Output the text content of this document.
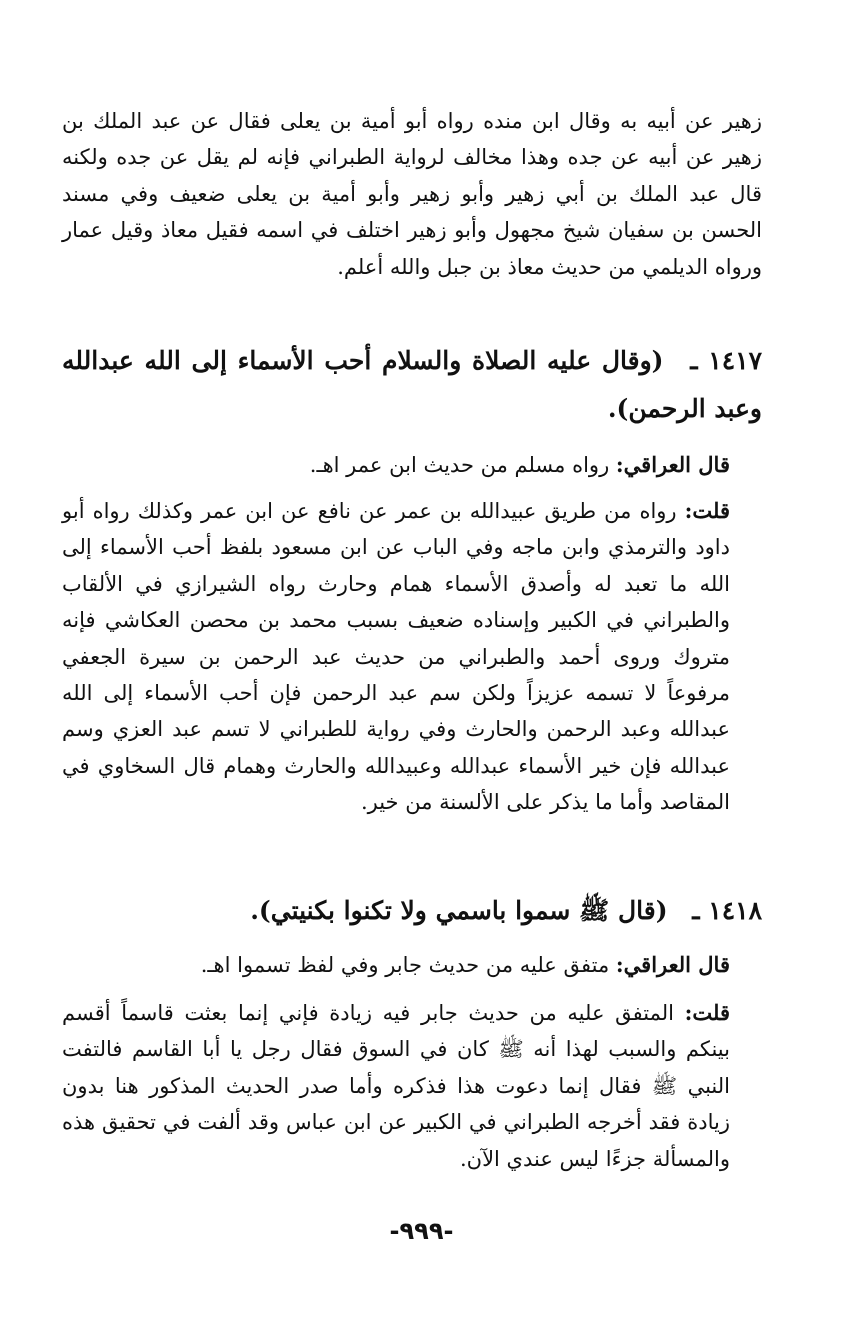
زهير عن أبيه به وقال ابن منده رواه أبو أمية بن يعلى فقال عن عبد الملك بن زهير عن أبيه عن جده وهذا مخالف لرواية الطبراني فإنه لم يقل عن جده ولكنه قال عبد الملك بن أبي زهير وأبو زهير وأبو أمية بن يعلى ضعيف وفي مسند الحسن بن سفيان شيخ مجهول وأبو زهير اختلف في اسمه فقيل معاذ وقيل عمار ورواه الديلمي من حديث معاذ بن جبل والله أعلم.

١٤١٧ ـ (وقال عليه الصلاة والسلام أحب الأسماء إلى الله عبدالله وعبد الرحمن).

قال العراقي: رواه مسلم من حديث ابن عمر اهـ.

قلت: رواه من طريق عبيدالله بن عمر عن نافع عن ابن عمر وكذلك رواه أبو داود والترمذي وابن ماجه وفي الباب عن ابن مسعود بلفظ أحب الأسماء إلى الله ما تعبد له وأصدق الأسماء همام وحارث رواه الشيرازي في الألقاب والطبراني في الكبير وإسناده ضعيف بسبب محمد بن محصن العكاشي فإنه متروك وروى أحمد والطبراني من حديث عبد الرحمن بن سيرة الجعفي مرفوعاً لا تسمه عزيزاً ولكن سم عبد الرحمن فإن أحب الأسماء إلى الله عبدالله وعبد الرحمن والحارث وفي رواية للطبراني لا تسم عبد العزي وسم عبدالله فإن خير الأسماء عبدالله وعبيدالله والحارث وهمام قال السخاوي في المقاصد وأما ما يذكر على الألسنة من خير.

١٤١٨ ـ (قال ﷺ سموا باسمي ولا تكنوا بكنيتي).

قال العراقي: متفق عليه من حديث جابر وفي لفظ تسموا اهـ.

قلت: المتفق عليه من حديث جابر فيه زيادة فإني إنما بعثت قاسماً أقسم بينكم والسبب لهذا أنه ﷺ كان في السوق فقال رجل يا أبا القاسم فالتفت النبي ﷺ فقال إنما دعوت هذا فذكره وأما صدر الحديث المذكور هنا بدون زيادة فقد أخرجه الطبراني في الكبير عن ابن عباس وقد ألفت في تحقيق هذه والمسألة جزءًا ليس عندي الآن.

-٩٩٩-
